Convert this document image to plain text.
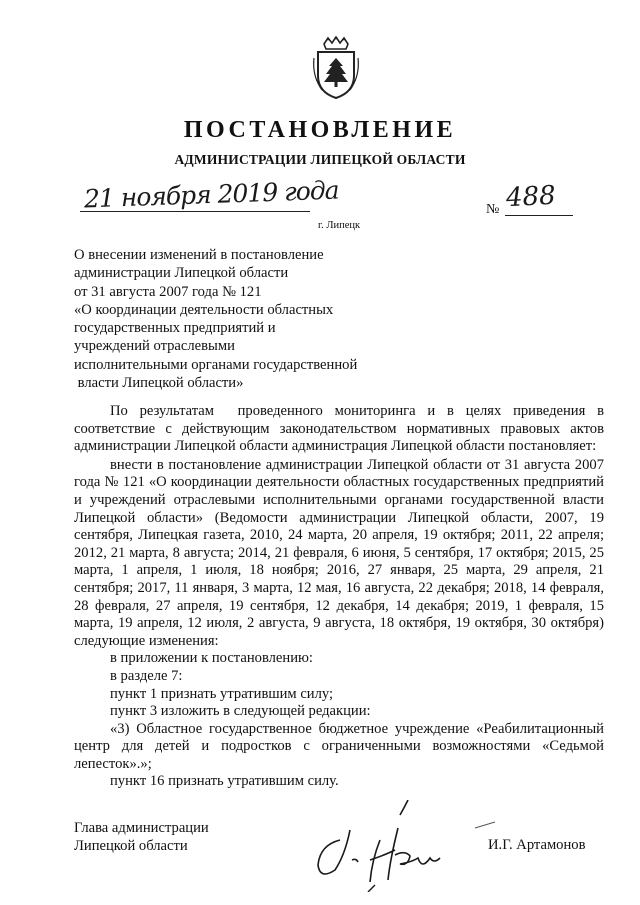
ПОСТАНОВЛЕНИЕ
АДМИНИСТРАЦИИ ЛИПЕЦКОЙ ОБЛАСТИ
21 ноября 2019 года
г. Липецк
№ 488
О внесении изменений в постановление
администрации Липецкой области
от 31 августа 2007 года № 121
«О координации деятельности областных
государственных предприятий и
учреждений отраслевыми
исполнительными органами государственной
власти Липецкой области»

По результатам  проведенного мониторинга и в целях приведения в соответствие с действующим законодательством нормативных правовых актов администрации Липецкой области администрация Липецкой области постановляет:

внести в постановление администрации Липецкой области от 31 августа 2007 года № 121 «О координации деятельности областных государственных предприятий и учреждений отраслевыми исполнительными органами государственной власти Липецкой области» (Ведомости администрации Липецкой области, 2007, 19 сентября, Липецкая газета, 2010, 24 марта, 20 апреля, 19 октября; 2011, 22 апреля; 2012, 21 марта, 8 августа; 2014, 21 февраля, 6 июня, 5 сентября, 17 октября; 2015, 25 марта, 1 апреля, 1 июля, 18 ноября; 2016, 27 января, 25 марта, 29 апреля, 21 сентября; 2017, 11 января, 3 марта, 12 мая, 16 августа, 22 декабря; 2018, 14 февраля, 28 февраля, 27 апреля, 19 сентября, 12 декабря, 14 декабря; 2019, 1 февраля, 15 марта, 19 апреля, 12 июля, 2 августа, 9 августа, 18 октября, 19 октября, 30 октября) следующие изменения:

в приложении к постановлению:

в разделе 7:

пункт 1 признать утратившим силу;

пункт 3 изложить в следующей редакции:

«3) Областное государственное бюджетное учреждение «Реабилитационный центр для детей и подростков с ограниченными возможностями «Седьмой лепесток».»;

пункт 16 признать утратившим силу.

Глава администрации
Липецкой области	И.Г. Артамонов
